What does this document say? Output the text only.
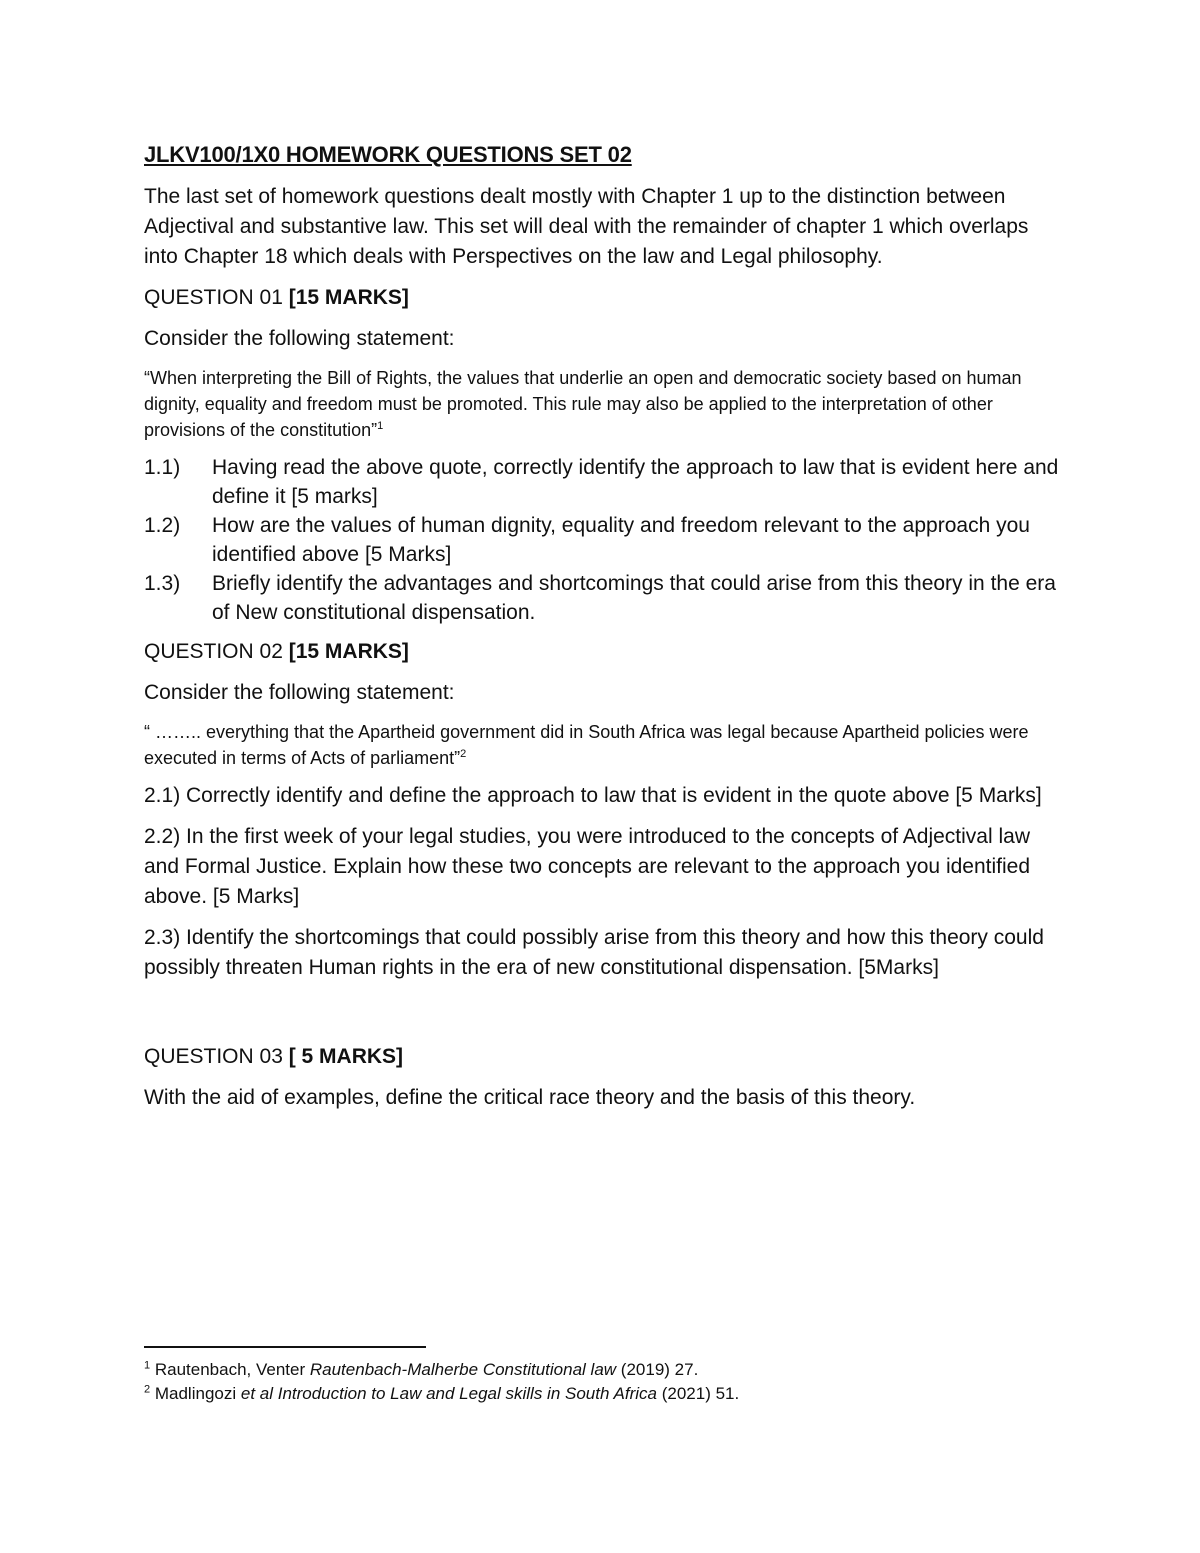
JLKV100/1X0 HOMEWORK QUESTIONS SET 02
The last set of homework questions dealt mostly with Chapter 1 up to the distinction between Adjectival and substantive law. This set will deal with the remainder of chapter 1 which overlaps into Chapter 18 which deals with Perspectives on the law and Legal philosophy.
QUESTION 01 [15 MARKS]
Consider the following statement:
“When interpreting the Bill of Rights, the values that underlie an open and democratic society based on human dignity, equality and freedom must be promoted. This rule may also be applied to the interpretation of other provisions of the constitution”$^1$
1.1)	Having read the above quote, correctly identify the approach to law that is evident here and define it [5 marks]
1.2)	How are the values of human dignity, equality and freedom relevant to the approach you identified above [5 Marks]
1.3)	Briefly identify the advantages and shortcomings that could arise from this theory in the era of New constitutional dispensation.
QUESTION 02 [15 MARKS]
Consider the following statement:
“ …….. everything that the Apartheid government did in South Africa was legal because Apartheid policies were executed in terms of Acts of parliament”$^2$
2.1) Correctly identify and define the approach to law that is evident in the quote above [5 Marks]
2.2) In the first week of your legal studies, you were introduced to the concepts of Adjectival law and Formal Justice. Explain how these two concepts are relevant to the approach you identified above. [5 Marks]
2.3) Identify the shortcomings that could possibly arise from this theory and how this theory could possibly threaten Human rights in the era of new constitutional dispensation. [5Marks]
QUESTION 03 [ 5 MARKS]
With the aid of examples, define the critical race theory and the basis of this theory.
$^1$ Rautenbach, Venter Rautenbach-Malherbe Constitutional law (2019) 27.
$^2$ Madlingozi et al Introduction to Law and Legal skills in South Africa (2021) 51.
